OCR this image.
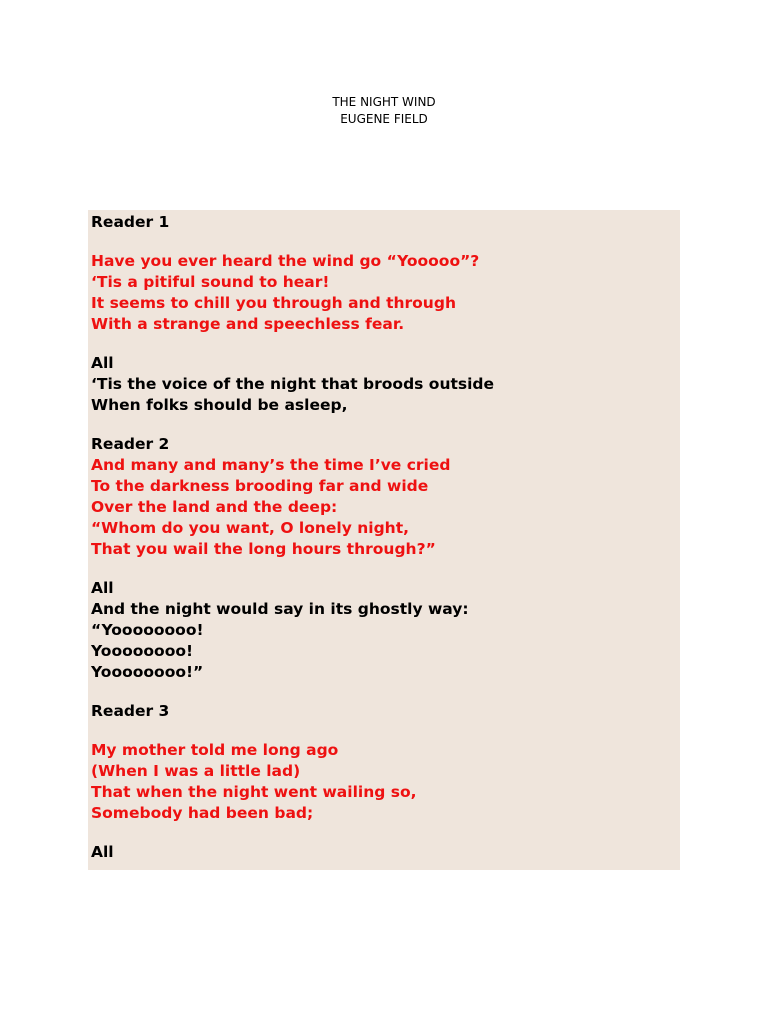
THE NIGHT WIND
EUGENE FIELD
Reader 1
Have you ever heard the wind go “Yooooo”?
‘Tis a pitiful sound to hear!
It seems to chill you through and through
With a strange and speechless fear.
All
‘Tis the voice of the night that broods outside
When folks should be asleep,
Reader 2
And many and many’s the time I’ve cried
To the darkness brooding far and wide
Over the land and the deep:
“Whom do you want, O lonely night,
That you wail the long hours through?”
All
And the night would say in its ghostly way:
“Yoooooooo!
Yoooooooo!
Yoooooooo!”
Reader 3
My mother told me long ago
(When I was a little lad)
That when the night went wailing so,
Somebody had been bad;
All
